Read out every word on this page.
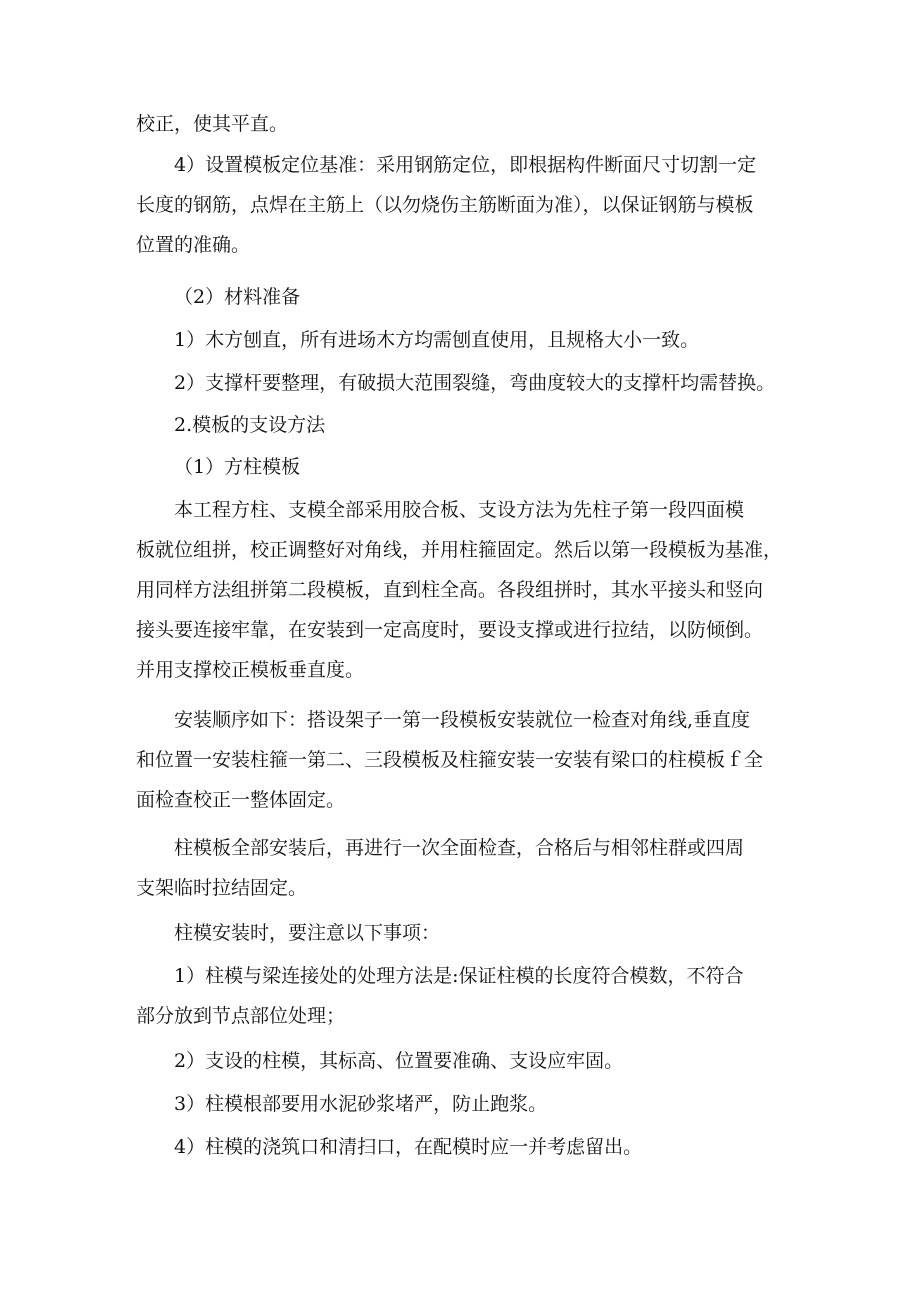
校正，使其平直。
4）设置模板定位基准：采用钢筋定位，即根据构件断面尺寸切割一定
长度的钢筋，点焊在主筋上（以勿烧伤主筋断面为准），以保证钢筋与模板
位置的准确。
（2）材料准备
1）木方刨直，所有进场木方均需刨直使用，且规格大小一致。
2）支撑杆要整理，有破损大范围裂缝，弯曲度较大的支撑杆均需替换。
2.模板的支设方法
（1）方柱模板
本工程方柱、支模全部采用胶合板、支设方法为先柱子第一段四面模
板就位组拼，校正调整好对角线，并用柱箍固定。然后以第一段模板为基准，
用同样方法组拼第二段模板，直到柱全高。各段组拼时，其水平接头和竖向
接头要连接牢靠，在安装到一定高度时，要设支撑或进行拉结，以防倾倒。
并用支撑校正模板垂直度。
安装顺序如下：搭设架子一第一段模板安装就位一检查对角线,垂直度
和位置一安装柱箍一第二、三段模板及柱箍安装一安装有梁口的柱模板ｆ全
面检查校正一整体固定。
柱模板全部安装后，再进行一次全面检查，合格后与相邻柱群或四周
支架临时拉结固定。
柱模安装时，要注意以下事项：
1）柱模与梁连接处的处理方法是:保证柱模的长度符合模数，不符合
部分放到节点部位处理；
2）支设的柱模，其标高、位置要准确、支设应牢固。
3）柱模根部要用水泥砂浆堵严，防止跑浆。
4）柱模的浇筑口和清扫口，在配模时应一并考虑留出。
